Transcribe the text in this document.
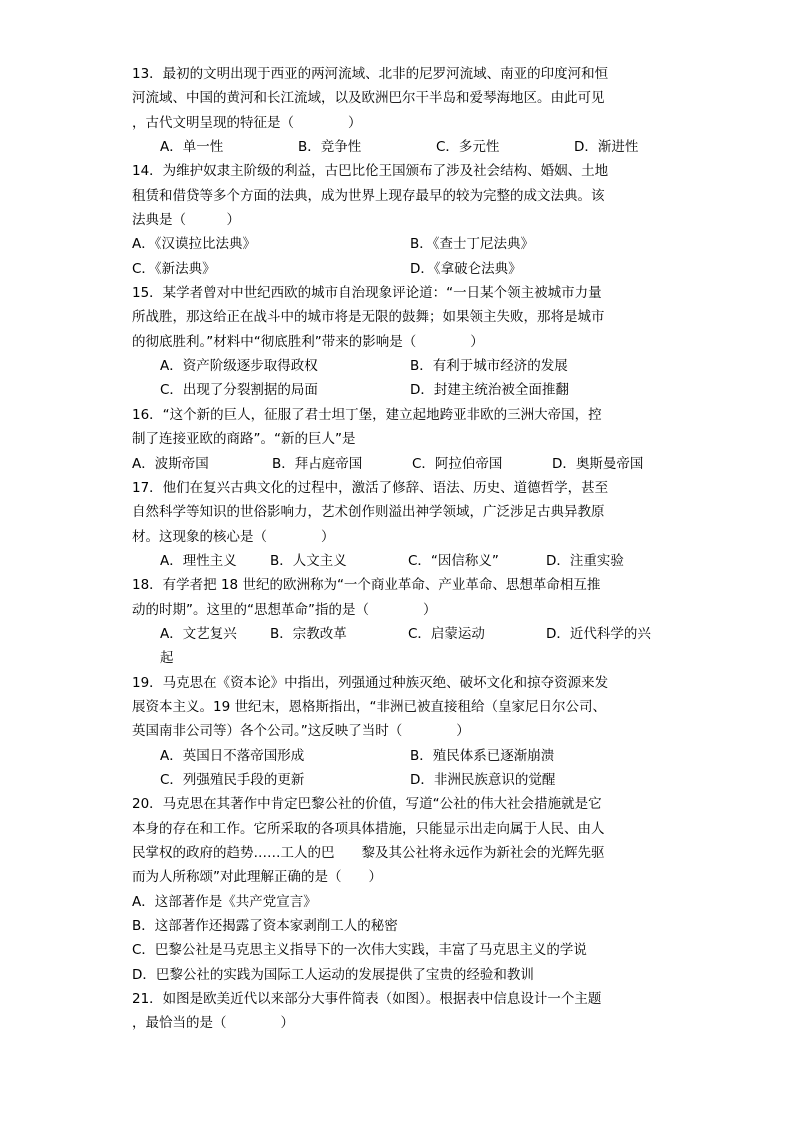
13．最初的文明出现于西亚的两河流域、北非的尼罗河流域、南亚的印度河和恒
河流域、中国的黄河和长江流域，以及欧洲巴尔干半岛和爱琴海地区。由此可见
，古代文明呈现的特征是（　　　　）
A．单一性	B．竞争性	C．多元性	D．渐进性
14．为维护奴隶主阶级的利益，古巴比伦王国颁布了涉及社会结构、婚姻、土地
租赁和借贷等多个方面的法典，成为世界上现存最早的较为完整的成文法典。该
法典是（　　　）
A．《汉谟拉比法典》	B．《查士丁尼法典》
C．《新法典》	D．《拿破仑法典》
15．某学者曾对中世纪西欧的城市自治现象评论道：“一日某个领主被城市力量
所战胜，那这给正在战斗中的城市将是无限的鼓舞；如果领主失败，那将是城市
的彻底胜利。”材料中“彻底胜利”带来的影响是（　　　　）
A．资产阶级逐步取得政权	B．有利于城市经济的发展
C．出现了分裂割据的局面	D．封建主统治被全面推翻
16．“这个新的巨人，征服了君士坦丁堡，建立起地跨亚非欧的三洲大帝国，控
制了连接亚欧的商路”。“新的巨人”是
A．波斯帝国	B．拜占庭帝国	C．阿拉伯帝国	D．奥斯曼帝国
17．他们在复兴古典文化的过程中，激活了修辞、语法、历史、道德哲学，甚至
自然科学等知识的世俗影响力，艺术创作则溢出神学领域，广泛涉足古典异教原
材。这现象的核心是（　　　　）
A．理性主义	B．人文主义	C．“因信称义”	D．注重实验
18．有学者把 18 世纪的欧洲称为“一个商业革命、产业革命、思想革命相互推
动的时期”。这里的“思想革命”指的是（　　　　）
A．文艺复兴	B．宗教改革	C．启蒙运动	D．近代科学的兴
起
19．马克思在《资本论》中指出，列强通过种族灭绝、破坏文化和掠夺资源来发
展资本主义。19 世纪末，恩格斯指出，“非洲已被直接租给（皇家尼日尔公司、
英国南非公司等）各个公司。”这反映了当时（　　　　）
A．英国日不落帝国形成	B．殖民体系已逐渐崩溃
C．列强殖民手段的更新	D．非洲民族意识的觉醒
20．马克思在其著作中肯定巴黎公社的价值，写道“公社的伟大社会措施就是它
本身的存在和工作。它所采取的各项具体措施，只能显示出走向属于人民、由人
民掌权的政府的趋势……工人的巴　　黎及其公社将永远作为新社会的光辉先驱
而为人所称颂”对此理解正确的是（　　）
A．这部著作是《共产党宣言》
B．这部著作还揭露了资本家剥削工人的秘密
C．巴黎公社是马克思主义指导下的一次伟大实践，丰富了马克思主义的学说
D．巴黎公社的实践为国际工人运动的发展提供了宝贵的经验和教训
21．如图是欧美近代以来部分大事件简表（如图）。根据表中信息设计一个主题
，最恰当的是（　　　　）
